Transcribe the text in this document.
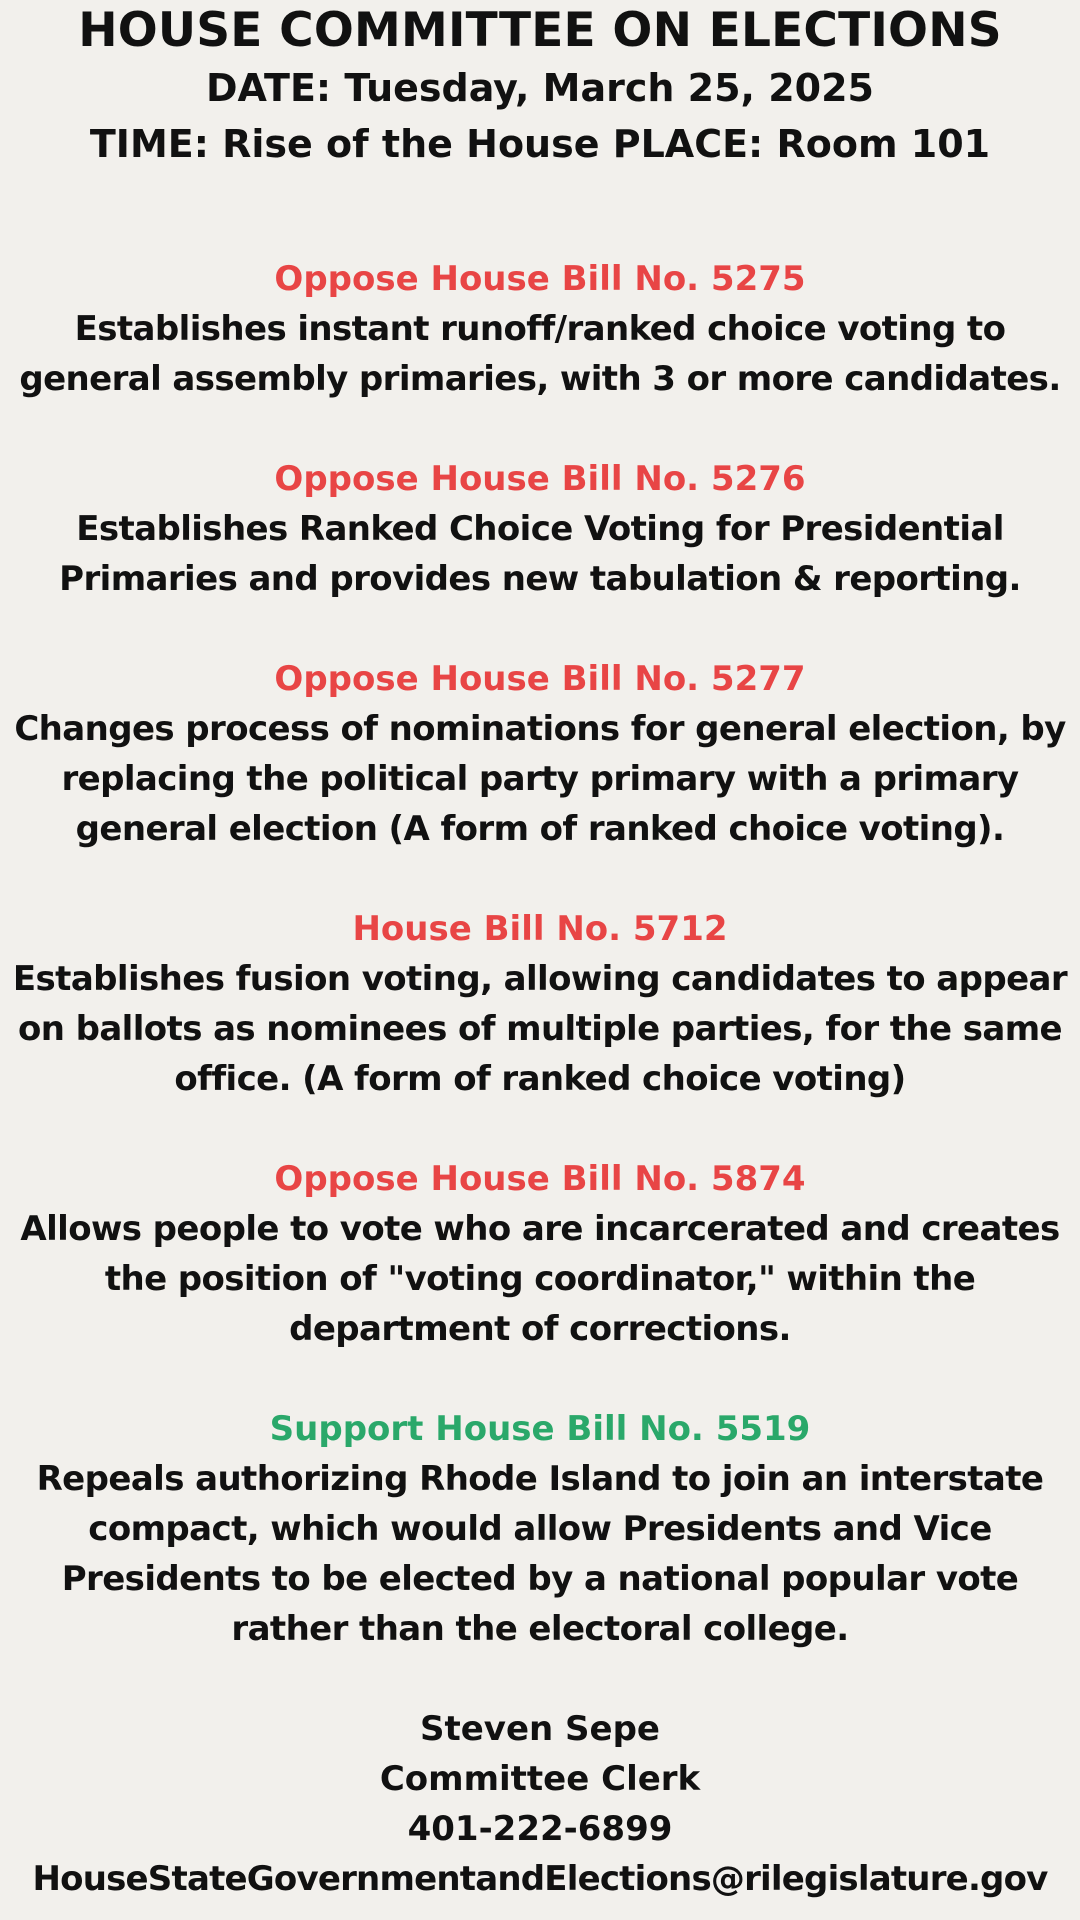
HOUSE COMMITTEE ON ELECTIONS

DATE: Tuesday, March 25, 2025

TIME: Rise of the House PLACE: Room 101

Oppose House Bill No. 5275

Establishes instant runoff/ranked choice voting to general assembly primaries, with 3 or more candidates.

Oppose House Bill No. 5276

Establishes Ranked Choice Voting for Presidential Primaries and provides new tabulation & reporting.

Oppose House Bill No. 5277

Changes process of nominations for general election, by replacing the political party primary with a primary general election (A form of ranked choice voting).

House Bill No. 5712

Establishes fusion voting, allowing candidates to appear on ballots as nominees of multiple parties, for the same office. (A form of ranked choice voting)

Oppose House Bill No. 5874

Allows people to vote who are incarcerated and creates the position of "voting coordinator," within the department of corrections.

Support House Bill No. 5519

Repeals authorizing Rhode Island to join an interstate compact, which would allow Presidents and Vice Presidents to be elected by a national popular vote rather than the electoral college.

Steven Sepe

Committee Clerk

401-222-6899

HouseStateGovernmentandElections@rilegislature.gov
